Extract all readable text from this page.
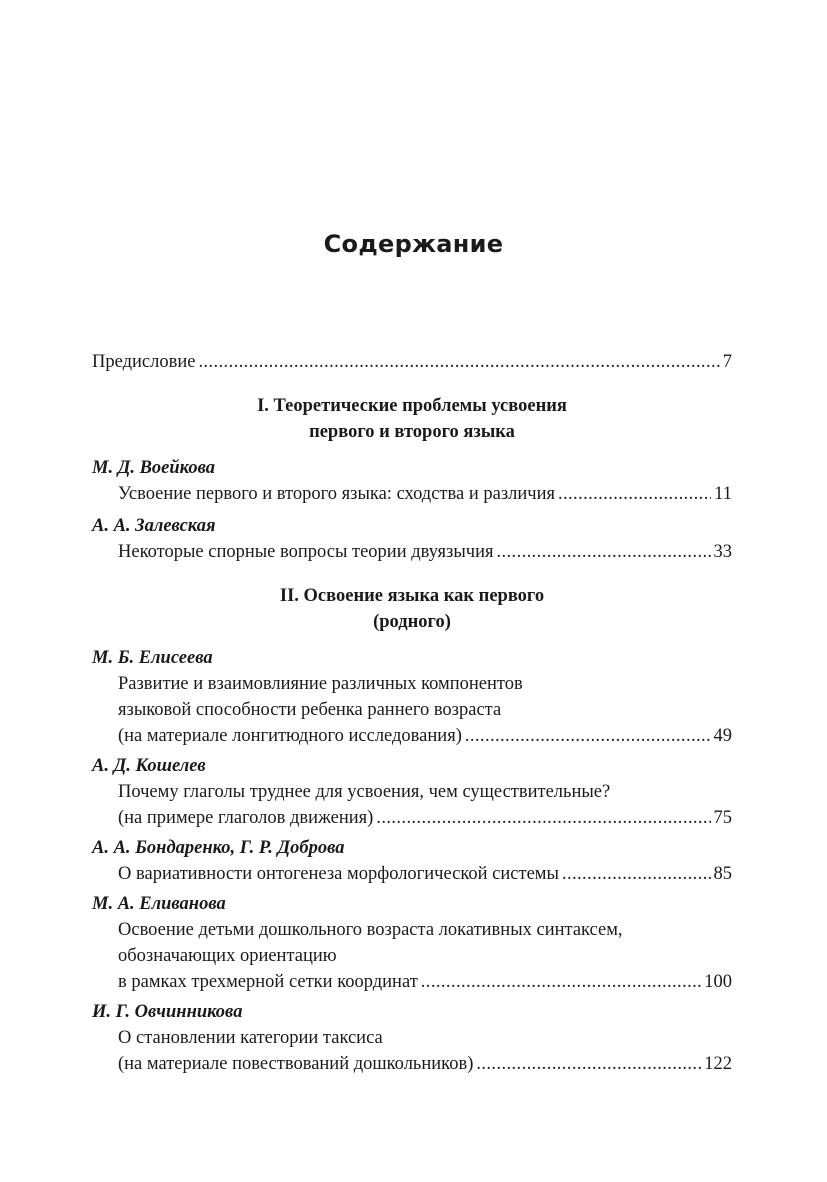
Содержание
Предисловие .....	7

I. Теоретические проблемы усвоения

первого и второго языка

М. Д. Воейкова
Усвоение первого и второго языка: сходства и различия .....	11
А. А. Залевская
Некоторые спорные вопросы теории двуязычия .....	33

II. Освоение языка как первого

(родного)

М. Б. Елисеева
Развитие и взаимовлияние различных компонентов
языковой способности ребенка раннего возраста
(на материале лонгитюдного исследования) .....	49
А. Д. Кошелев
Почему глаголы труднее для усвоения, чем существительные?
(на примере глаголов движения) .....	75
А. А. Бондаренко, Г. Р. Доброва
О вариативности онтогенеза морфологической системы .....	85
М. А. Еливанова
Освоение детьми дошкольного возраста локативных синтаксем,
обозначающих ориентацию
в рамках трехмерной сетки координат .....	100
И. Г. Овчинникова
О становлении категории таксиса
(на материале повествований дошкольников) .....	122
